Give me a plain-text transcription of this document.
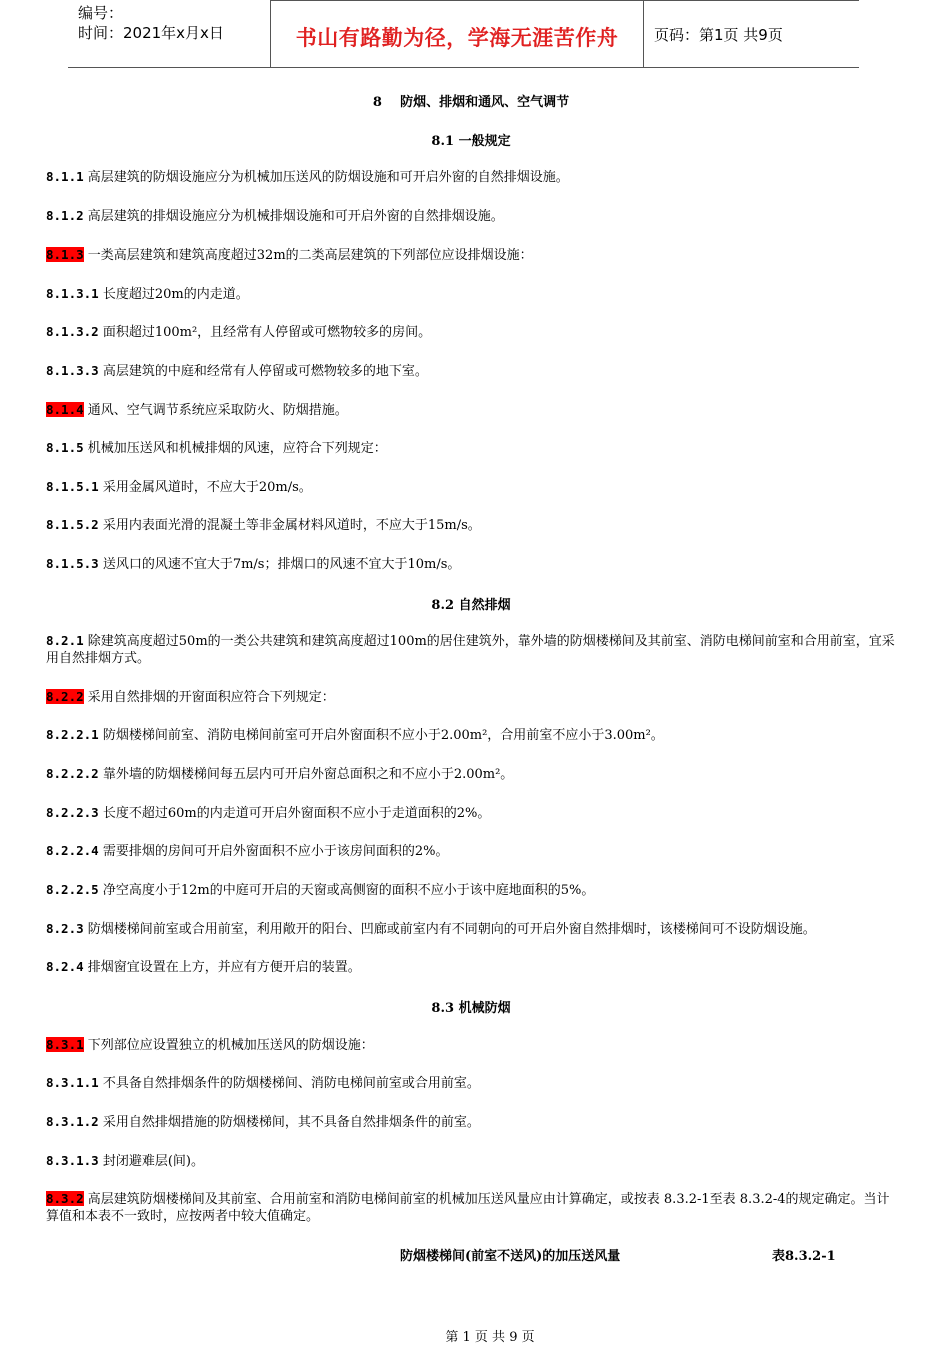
编号：
时间：2021年x月x日	书山有路勤为径，学海无涯苦作舟	页码：第1页 共9页
8    防烟、排烟和通风、空气调节
8.1 一般规定
8.1.1 高层建筑的防烟设施应分为机械加压送风的防烟设施和可开启外窗的自然排烟设施。
8.1.2 高层建筑的排烟设施应分为机械排烟设施和可开启外窗的自然排烟设施。
8.1.3 一类高层建筑和建筑高度超过32m的二类高层建筑的下列部位应设排烟设施：
8.1.3.1 长度超过20m的内走道。
8.1.3.2 面积超过100m²，且经常有人停留或可燃物较多的房间。
8.1.3.3 高层建筑的中庭和经常有人停留或可燃物较多的地下室。
8.1.4 通风、空气调节系统应采取防火、防烟措施。
8.1.5 机械加压送风和机械排烟的风速，应符合下列规定：
8.1.5.1 采用金属风道时，不应大于20m/s。
8.1.5.2 采用内表面光滑的混凝土等非金属材料风道时，不应大于15m/s。
8.1.5.3 送风口的风速不宜大于7m/s；排烟口的风速不宜大于10m/s。
8.2 自然排烟
8.2.1 除建筑高度超过50m的一类公共建筑和建筑高度超过100m的居住建筑外，靠外墙的防烟楼梯间及其前室、消防电梯间前室和合用前室，宜采用自然排烟方式。
8.2.2 采用自然排烟的开窗面积应符合下列规定：
8.2.2.1 防烟楼梯间前室、消防电梯间前室可开启外窗面积不应小于2.00m²，合用前室不应小于3.00m²。
8.2.2.2 靠外墙的防烟楼梯间每五层内可开启外窗总面积之和不应小于2.00m²。
8.2.2.3 长度不超过60m的内走道可开启外窗面积不应小于走道面积的2%。
8.2.2.4 需要排烟的房间可开启外窗面积不应小于该房间面积的2%。
8.2.2.5 净空高度小于12m的中庭可开启的天窗或高侧窗的面积不应小于该中庭地面积的5%。
8.2.3 防烟楼梯间前室或合用前室，利用敞开的阳台、凹廊或前室内有不同朝向的可开启外窗自然排烟时，该楼梯间可不设防烟设施。
8.2.4 排烟窗宜设置在上方，并应有方便开启的装置。
8.3 机械防烟
8.3.1 下列部位应设置独立的机械加压送风的防烟设施：
8.3.1.1 不具备自然排烟条件的防烟楼梯间、消防电梯间前室或合用前室。
8.3.1.2 采用自然排烟措施的防烟楼梯间，其不具备自然排烟条件的前室。
8.3.1.3 封闭避难层(间)。
8.3.2 高层建筑防烟楼梯间及其前室、合用前室和消防电梯间前室的机械加压送风量应由计算确定，或按表 8.3.2-1至表 8.3.2-4的规定确定。当计算值和本表不一致时，应按两者中较大值确定。
防烟楼梯间(前室不送风)的加压送风量	表8.3.2-1
第 1 页 共 9 页
